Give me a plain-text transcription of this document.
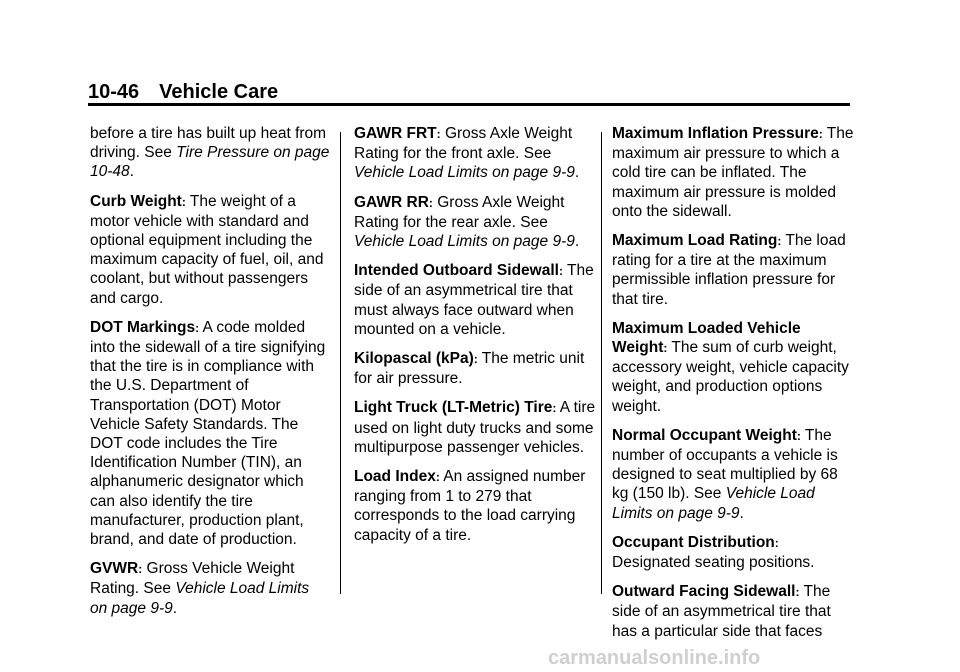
10-46 Vehicle Care

before a tire has built up heat from driving. See Tire Pressure on page 10-48.

Curb Weight: The weight of a motor vehicle with standard and optional equipment including the maximum capacity of fuel, oil, and coolant, but without passengers and cargo.

DOT Markings: A code molded into the sidewall of a tire signifying that the tire is in compliance with the U.S. Department of Transportation (DOT) Motor Vehicle Safety Standards. The DOT code includes the Tire Identification Number (TIN), an alphanumeric designator which can also identify the tire manufacturer, production plant, brand, and date of production.

GVWR: Gross Vehicle Weight Rating. See Vehicle Load Limits on page 9-9.

GAWR FRT: Gross Axle Weight Rating for the front axle. See Vehicle Load Limits on page 9-9.

GAWR RR: Gross Axle Weight Rating for the rear axle. See Vehicle Load Limits on page 9-9.

Intended Outboard Sidewall: The side of an asymmetrical tire that must always face outward when mounted on a vehicle.

Kilopascal (kPa): The metric unit for air pressure.

Light Truck (LT-Metric) Tire: A tire used on light duty trucks and some multipurpose passenger vehicles.

Load Index: An assigned number ranging from 1 to 279 that corresponds to the load carrying capacity of a tire.

Maximum Inflation Pressure: The maximum air pressure to which a cold tire can be inflated. The maximum air pressure is molded onto the sidewall.

Maximum Load Rating: The load rating for a tire at the maximum permissible inflation pressure for that tire.

Maximum Loaded Vehicle Weight: The sum of curb weight, accessory weight, vehicle capacity weight, and production options weight.

Normal Occupant Weight: The number of occupants a vehicle is designed to seat multiplied by 68 kg (150 lb). See Vehicle Load Limits on page 9-9.

Occupant Distribution: Designated seating positions.

Outward Facing Sidewall: The side of an asymmetrical tire that has a particular side that faces

carmanualsonline.info
